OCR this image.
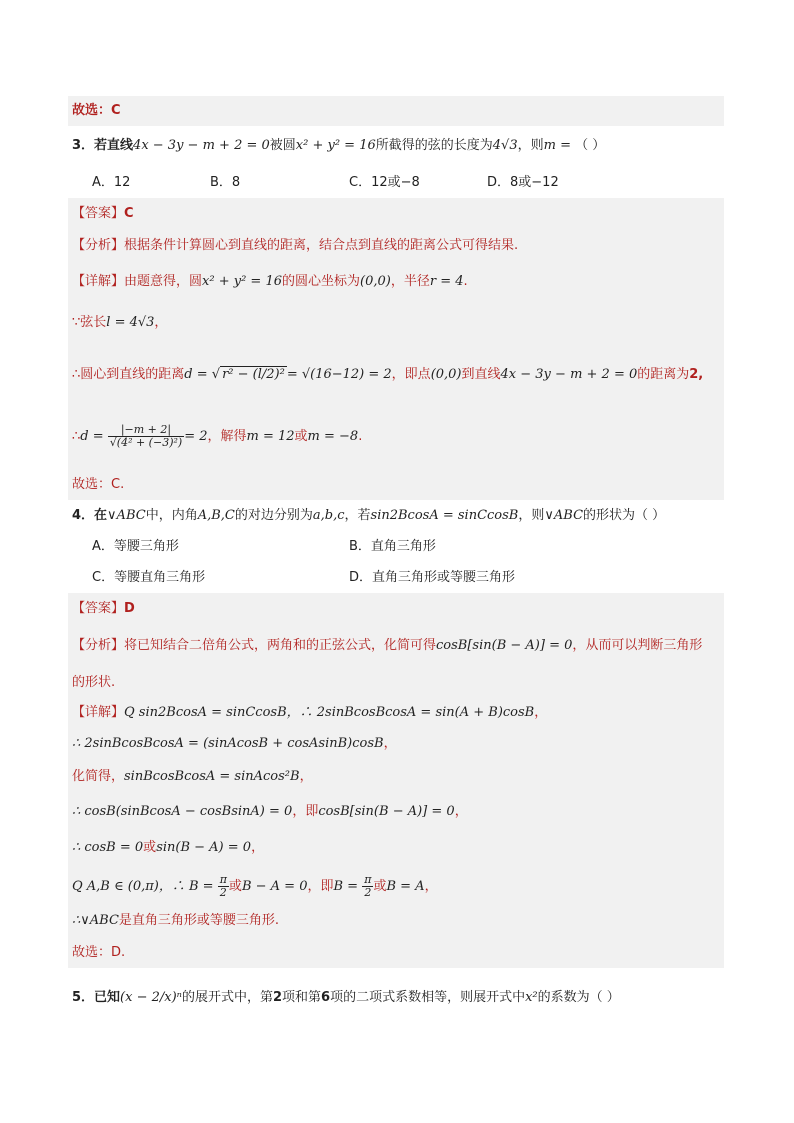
故选：C
3．若直线4x − 3y − m + 2 = 0被圆x² + y² = 16所截得的弦的长度为4√3，则m = （ ）
A．12	B．8	C．12或−8	D．8或−12
【答案】C
【分析】根据条件计算圆心到直线的距离，结合点到直线的距离公式可得结果.
【详解】由题意得，圆x² + y² = 16的圆心坐标为(0,0)，半径r = 4.
∵弦长l = 4√3，
∴圆心到直线的距离d = √ r² − (l/2)² = √(16−12) = 2，即点(0,0)到直线4x − 3y − m + 2 = 0的距离为2,
∴d = $\frac{|-m + 2|}{\text{√(4² + (−3)²)}} = 2$，解得m = 12或m = −8.
故选：C.
4．在∨ABC中，内角A,B,C的对边分别为a,b,c，若sin2BcosA = sinCcosB，则∨ABC的形状为（ ）
A．等腰三角形	B．直角三角形
C．等腰直角三角形	D．直角三角形或等腰三角形
【答案】D
【分析】将已知结合二倍角公式，两角和的正弦公式，化简可得cosB[sin(B − A)] = 0，从而可以判断三角形
的形状.
【详解】Q sin2BcosA = sinCcosB，∴ 2sinBcosBcosA = sin(A + B)cosB，
∴ 2sinBcosBcosA = (sinAcosB + cosAsinB)cosB，
化简得，sinBcosBcosA = sinAcos²B，
∴ cosB(sinBcosA − cosBsinA) = 0，即cosB[sin(B − A)] = 0，
∴ cosB = 0或sin(B − A) = 0，
Q A,B ∈ (0,π)，∴ $B = \frac{\pi}{2}$ 或B − A = 0，即$B = \frac{\pi}{2}$ 或B = A，
∴∨ABC是直角三角形或等腰三角形.
故选：D.
5．已知(x − 2/x)ⁿ的展开式中，第2项和第6项的二项式系数相等，则展开式中x²的系数为（ ）
